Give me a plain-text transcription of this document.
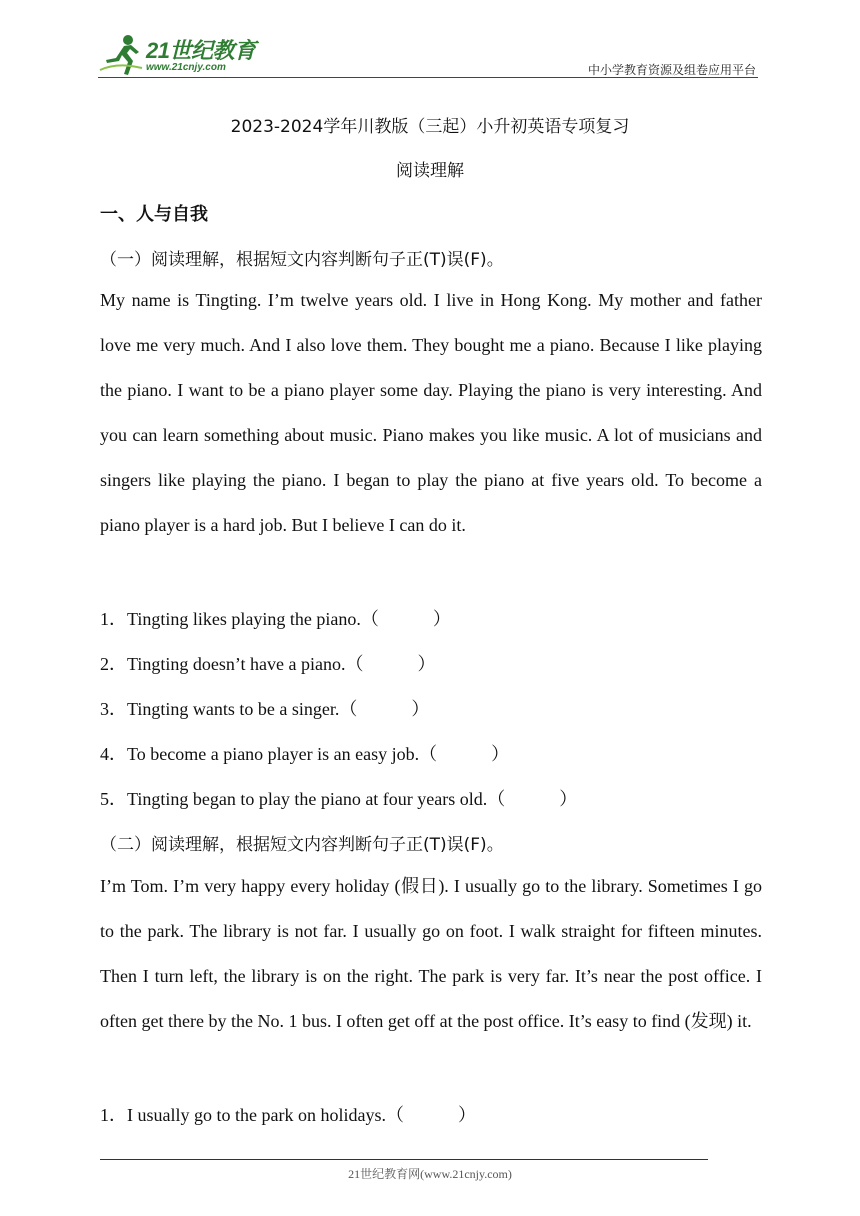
21世纪教育
www.21cnjy.com	中小学教育资源及组卷应用平台
2023-2024学年川教版（三起）小升初英语专项复习
阅读理解
一、人与自我
（一）阅读理解，根据短文内容判断句子正(T)误(F)。
My name is Tingting. I’m twelve years old. I live in Hong Kong. My mother and father love me very much. And I also love them. They bought me a piano. Because I like playing the piano. I want to be a piano player some day. Playing the piano is very interesting. And you can learn something about music. Piano makes you like music. A lot of musicians and singers like playing the piano. I began to play the piano at five years old. To become a piano player is a hard job. But I believe I can do it.
1．Tingting likes playing the piano.（　　　）
2．Tingting doesn’t have a piano.（　　　）
3．Tingting wants to be a singer.（　　　）
4．To become a piano player is an easy job.（　　　）
5．Tingting began to play the piano at four years old.（　　　）
（二）阅读理解，根据短文内容判断句子正(T)误(F)。
I’m Tom. I’m very happy every holiday (假日). I usually go to the library. Sometimes I go to the park. The library is not far. I usually go on foot. I walk straight for fifteen minutes. Then I turn left, the library is on the right. The park is very far. It’s near the post office. I often get there by the No. 1 bus. I often get off at the post office. It’s easy to find (发现) it.
1．I usually go to the park on holidays.（　　　）
21世纪教育网(www.21cnjy.com)
